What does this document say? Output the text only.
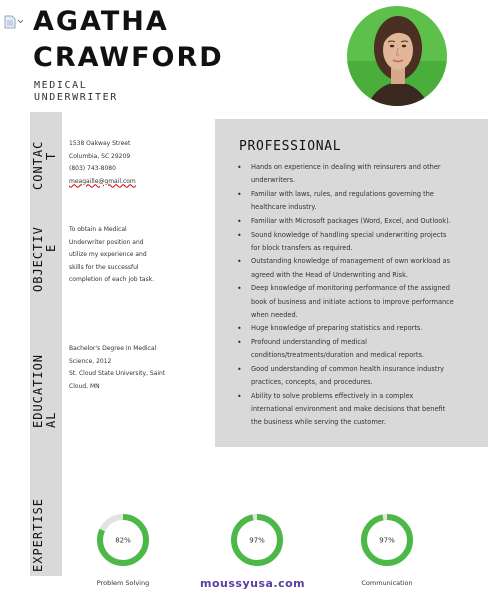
AGATHA
CRAWFORD
MEDICAL
UNDERWRITER
CONTAC T
OBJECTIV E
EDUCATION AL
EXPERTISE
1538 Oakway Street
Columbia, SC 29209
(803) 743-8080
meagaille@gmail.com
To obtain a Medical
Underwriter position and
utilize my experience and
skills for the successful
completion of each job task.
Bachelor's Degree in Medical
Science, 2012
St. Cloud State University, Saint
Cloud, MN
PROFESSIONAL
• Hands on experience in dealing with reinsurers and other
underwriters.
• Familiar with laws, rules, and regulations governing the
healthcare industry.
• Familiar with Microsoft packages (Word, Excel, and Outlook).
• Sound knowledge of handling special underwriting projects
for block transfers as required.
• Outstanding knowledge of management of own workload as
agreed with the Head of Underwriting and Risk.
• Deep knowledge of monitoring performance of the assigned
book of business and initiate actions to improve performance
when needed.
• Huge knowledge of preparing statistics and reports.
• Profound understanding of medical
conditions/treatments/duration and medical reports.
• Good understanding of common health insurance industry
practices, concepts, and procedures.
• Ability to solve problems effectively in a complex
international environment and make decisions that benefit
the business while serving the customer.
82%
Problem Solving
97%	97%
Communication
moussyusa.com
